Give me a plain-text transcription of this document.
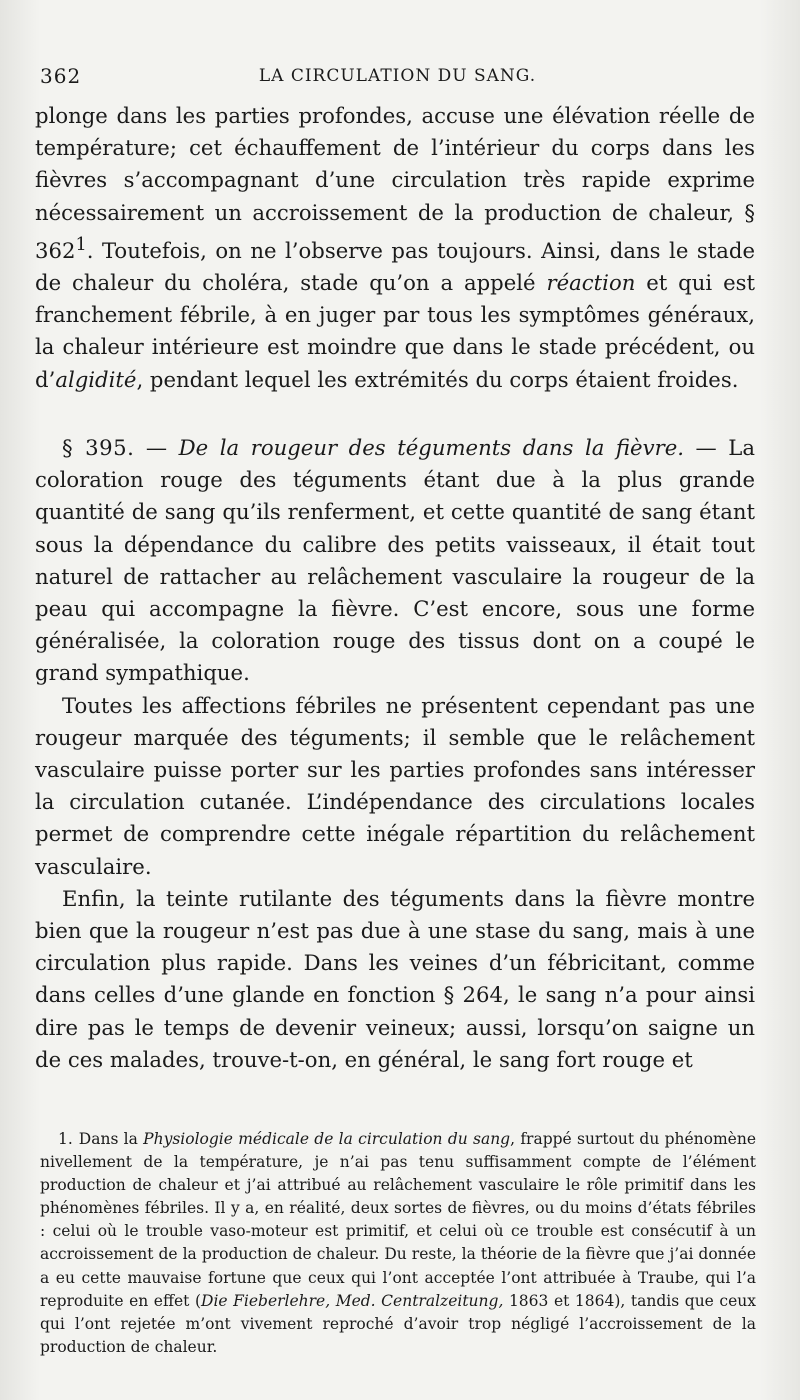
362	LA CIRCULATION DU SANG.

plonge dans les parties profondes, accuse une élévation réelle de température; cet échauffement de l’intérieur du corps dans les fièvres s’accompagnant d’une circulation très rapide exprime nécessairement un accroissement de la production de chaleur, § $362^1$. Toutefois, on ne l’observe pas toujours. Ainsi, dans le stade de chaleur du choléra, stade qu’on a appelé réaction et qui est franchement fébrile, à en juger par tous les symptômes généraux, la chaleur intérieure est moindre que dans le stade précédent, ou d’algidité, pendant lequel les extrémités du corps étaient froides.

§ 395. — De la rougeur des téguments dans la fièvre. — La coloration rouge des téguments étant due à la plus grande quantité de sang qu’ils renferment, et cette quantité de sang étant sous la dépendance du calibre des petits vaisseaux, il était tout naturel de rattacher au relâchement vasculaire la rougeur de la peau qui accompagne la fièvre. C’est encore, sous une forme généralisée, la coloration rouge des tissus dont on a coupé le grand sympathique.

Toutes les affections fébriles ne présentent cependant pas une rougeur marquée des téguments; il semble que le relâchement vasculaire puisse porter sur les parties profondes sans intéresser la circulation cutanée. L’indépendance des circulations locales permet de comprendre cette inégale répartition du relâchement vasculaire.

Enfin, la teinte rutilante des téguments dans la fièvre montre bien que la rougeur n’est pas due à une stase du sang, mais à une circulation plus rapide. Dans les veines d’un fébricitant, comme dans celles d’une glande en fonction § 264, le sang n’a pour ainsi dire pas le temps de devenir veineux; aussi, lorsqu’on saigne un de ces malades, trouve-t-on, en général, le sang fort rouge et

1. Dans la Physiologie médicale de la circulation du sang, frappé surtout du phénomène nivellement de la température, je n’ai pas tenu suffisamment compte de l’élément production de chaleur et j’ai attribué au relâchement vasculaire le rôle primitif dans les phénomènes fébriles. Il y a, en réalité, deux sortes de fièvres, ou du moins d’états fébriles : celui où le trouble vaso-moteur est primitif, et celui où ce trouble est consécutif à un accroissement de la production de chaleur. Du reste, la théorie de la fièvre que j’ai donnée a eu cette mauvaise fortune que ceux qui l’ont acceptée l’ont attribuée à Traube, qui l’a reproduite en effet (Die Fieberlehre, Med. Centralzeitung, 1863 et 1864), tandis que ceux qui l’ont rejetée m’ont vivement reproché d’avoir trop négligé l’accroissement de la production de chaleur.
